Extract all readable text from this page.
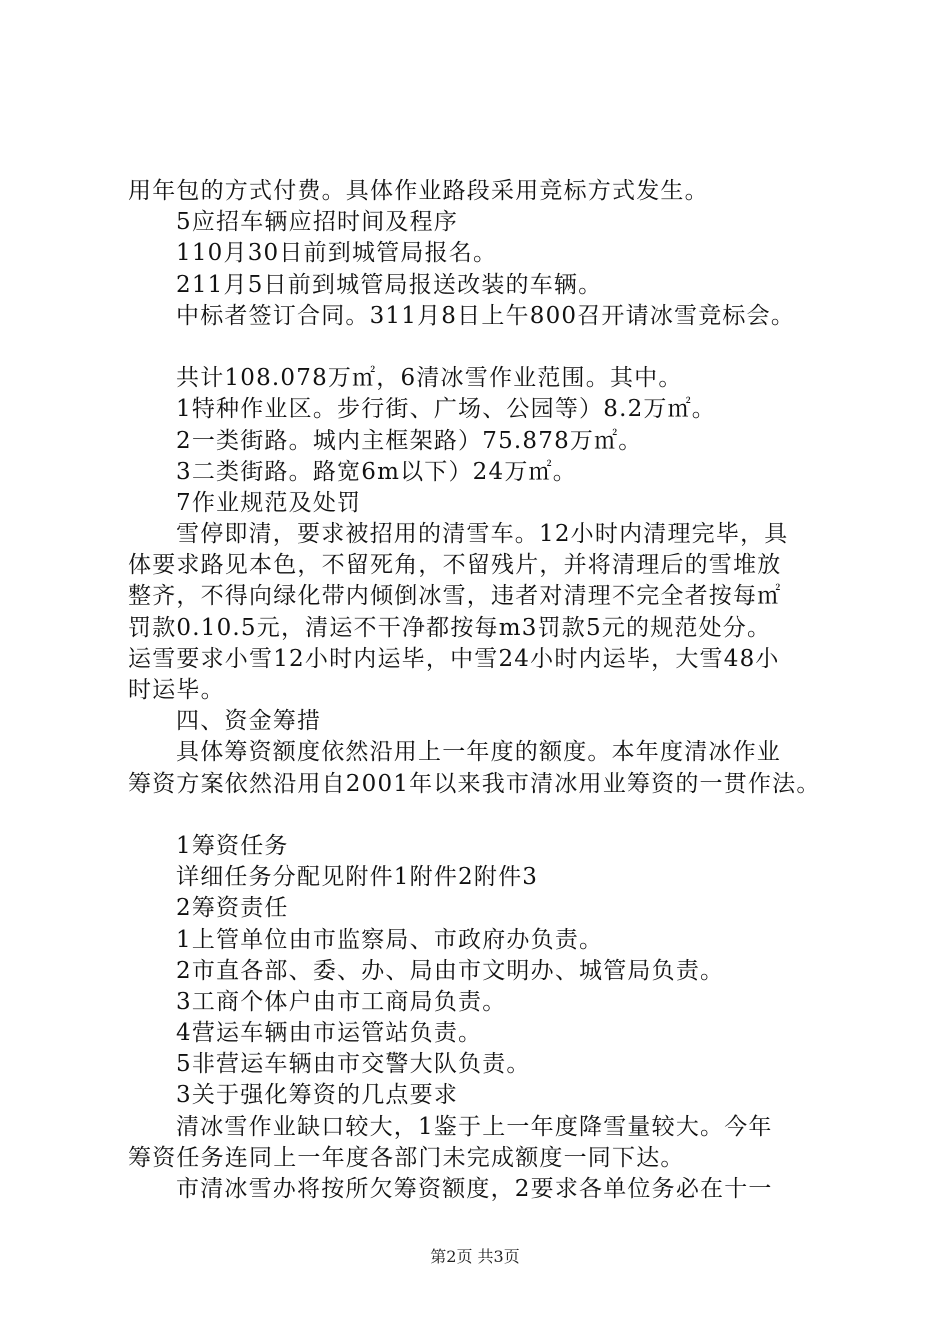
用年包的方式付费。具体作业路段采用竞标方式发生。
5应招车辆应招时间及程序
110月30日前到城管局报名。
211月5日前到城管局报送改装的车辆。
中标者签订合同。311月8日上午800召开请冰雪竞标会。
共计108.078万㎡，6清冰雪作业范围。其中。
1特种作业区。步行街、广场、公园等）8.2万㎡。
2一类街路。城内主框架路）75.878万㎡。
3二类街路。路宽6m以下）24万㎡。
7作业规范及处罚
雪停即清，要求被招用的清雪车。12小时内清理完毕，具
体要求路见本色，不留死角，不留残片，并将清理后的雪堆放
整齐，不得向绿化带内倾倒冰雪，违者对清理不完全者按每㎡
罚款0.10.5元，清运不干净都按每m3罚款5元的规范处分。
运雪要求小雪12小时内运毕，中雪24小时内运毕，大雪48小
时运毕。
四、资金筹措
具体筹资额度依然沿用上一年度的额度。本年度清冰作业
筹资方案依然沿用自2001年以来我市清冰用业筹资的一贯作法。
1筹资任务
详细任务分配见附件1附件2附件3
2筹资责任
1上管单位由市监察局、市政府办负责。
2市直各部、委、办、局由市文明办、城管局负责。
3工商个体户由市工商局负责。
4营运车辆由市运管站负责。
5非营运车辆由市交警大队负责。
3关于强化筹资的几点要求
清冰雪作业缺口较大，1鉴于上一年度降雪量较大。今年
筹资任务连同上一年度各部门未完成额度一同下达。
市清冰雪办将按所欠筹资额度，2要求各单位务必在十一
第2页 共3页
